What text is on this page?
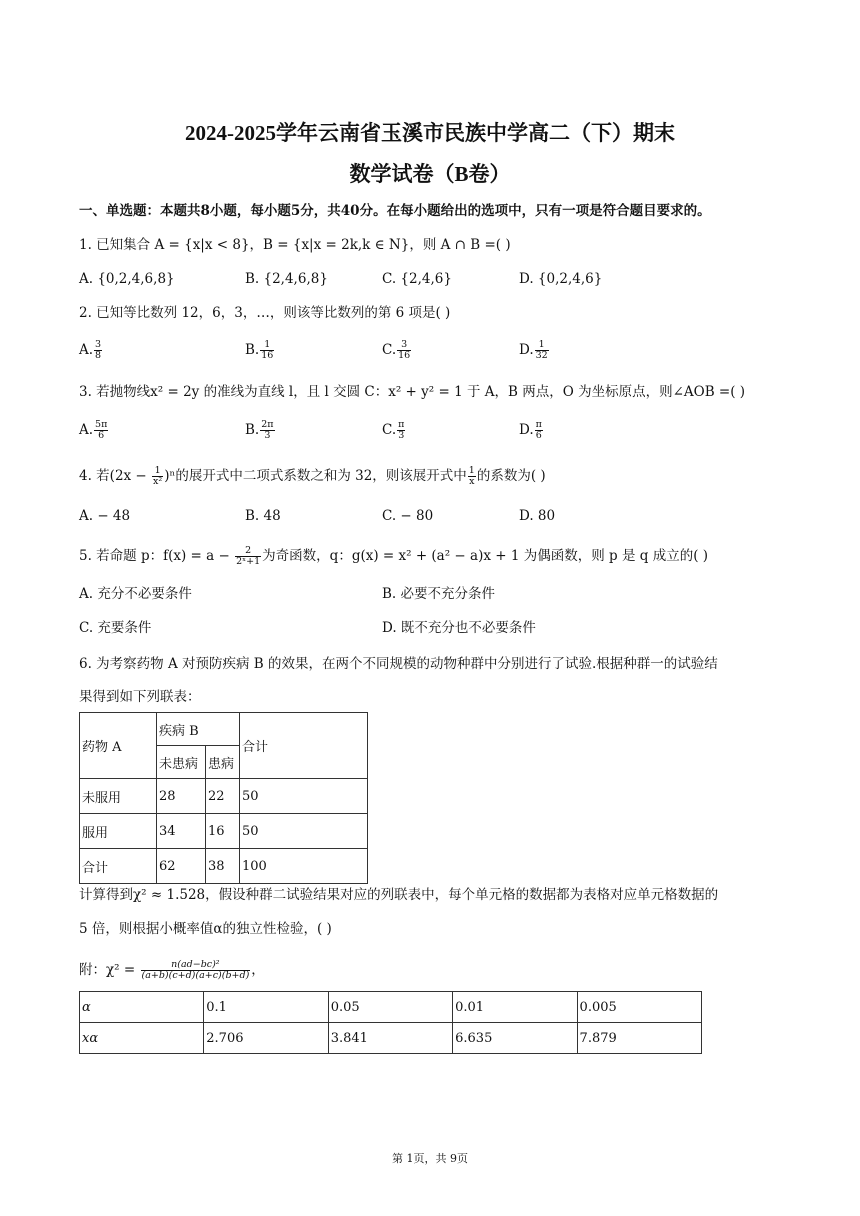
2024-2025学年云南省玉溪市民族中学高二（下）期末
数学试卷（B卷）
一、单选题：本题共8小题，每小题5分，共40分。在每小题给出的选项中，只有一项是符合题目要求的。
1. 已知集合 A = {x|x < 8}，B = {x|x = 2k,k ∈ N}，则 A ∩ B =( )
A. {0,2,4,6,8}	B. {2,4,6,8}	C. {2,4,6}	D. {0,2,4,6}
2. 已知等比数列 12，6，3，…，则该等比数列的第 6 项是( )
A. $\frac{3}{8}$	B. $\frac{1}{16}$	C. $\frac{3}{16}$	D. $\frac{1}{32}$
3. 若抛物线x² = 2y 的准线为直线 l，且 l 交圆 C：x² + y² = 1 于 A，B 两点，O 为坐标原点，则∠AOB =( )
A. $\frac{5\pi}{6}$	B. $\frac{2\pi}{3}$	C. $\frac{\pi}{3}$	D. $\frac{\pi}{6}$
4. 若$(2x - \frac{1}{\text{x²}} )^n$的展开式中二项式系数之和为 32，则该展开式中 $\frac{1}{x}$ 的系数为( )
A. − 48	B. 48	C. − 80	D. 80
5. 若命题 p：$f(x) = a - \frac{2}{\text{2ˣ+1}}$ 为奇函数，q：g(x) = x² + (a² − a)x + 1 为偶函数，则 p 是 q 成立的( )
A. 充分不必要条件	B. 必要不充分条件
C. 充要条件	D. 既不充分也不必要条件
6. 为考察药物 A 对预防疾病 B 的效果，在两个不同规模的动物种群中分别进行了试验.根据种群一的试验结
果得到如下列联表：
药物 A	疾病 B		合计
	未患病	患病	
未服用	28	22	50
服用	34	16	50
合计	62	38	100
计算得到χ² ≈ 1.528，假设种群二试验结果对应的列联表中，每个单元格的数据都为表格对应单元格数据的
5 倍，则根据小概率值α的独立性检验，( )
附：$\chi^2 = \frac{\text{n(ad−bc)²}}{(a+b)(c+d)(a+c)(b+d)}$ ，
α	0.1	0.05	0.01	0.005
xα	2.706	3.841	6.635	7.879
第 1页，共 9页
